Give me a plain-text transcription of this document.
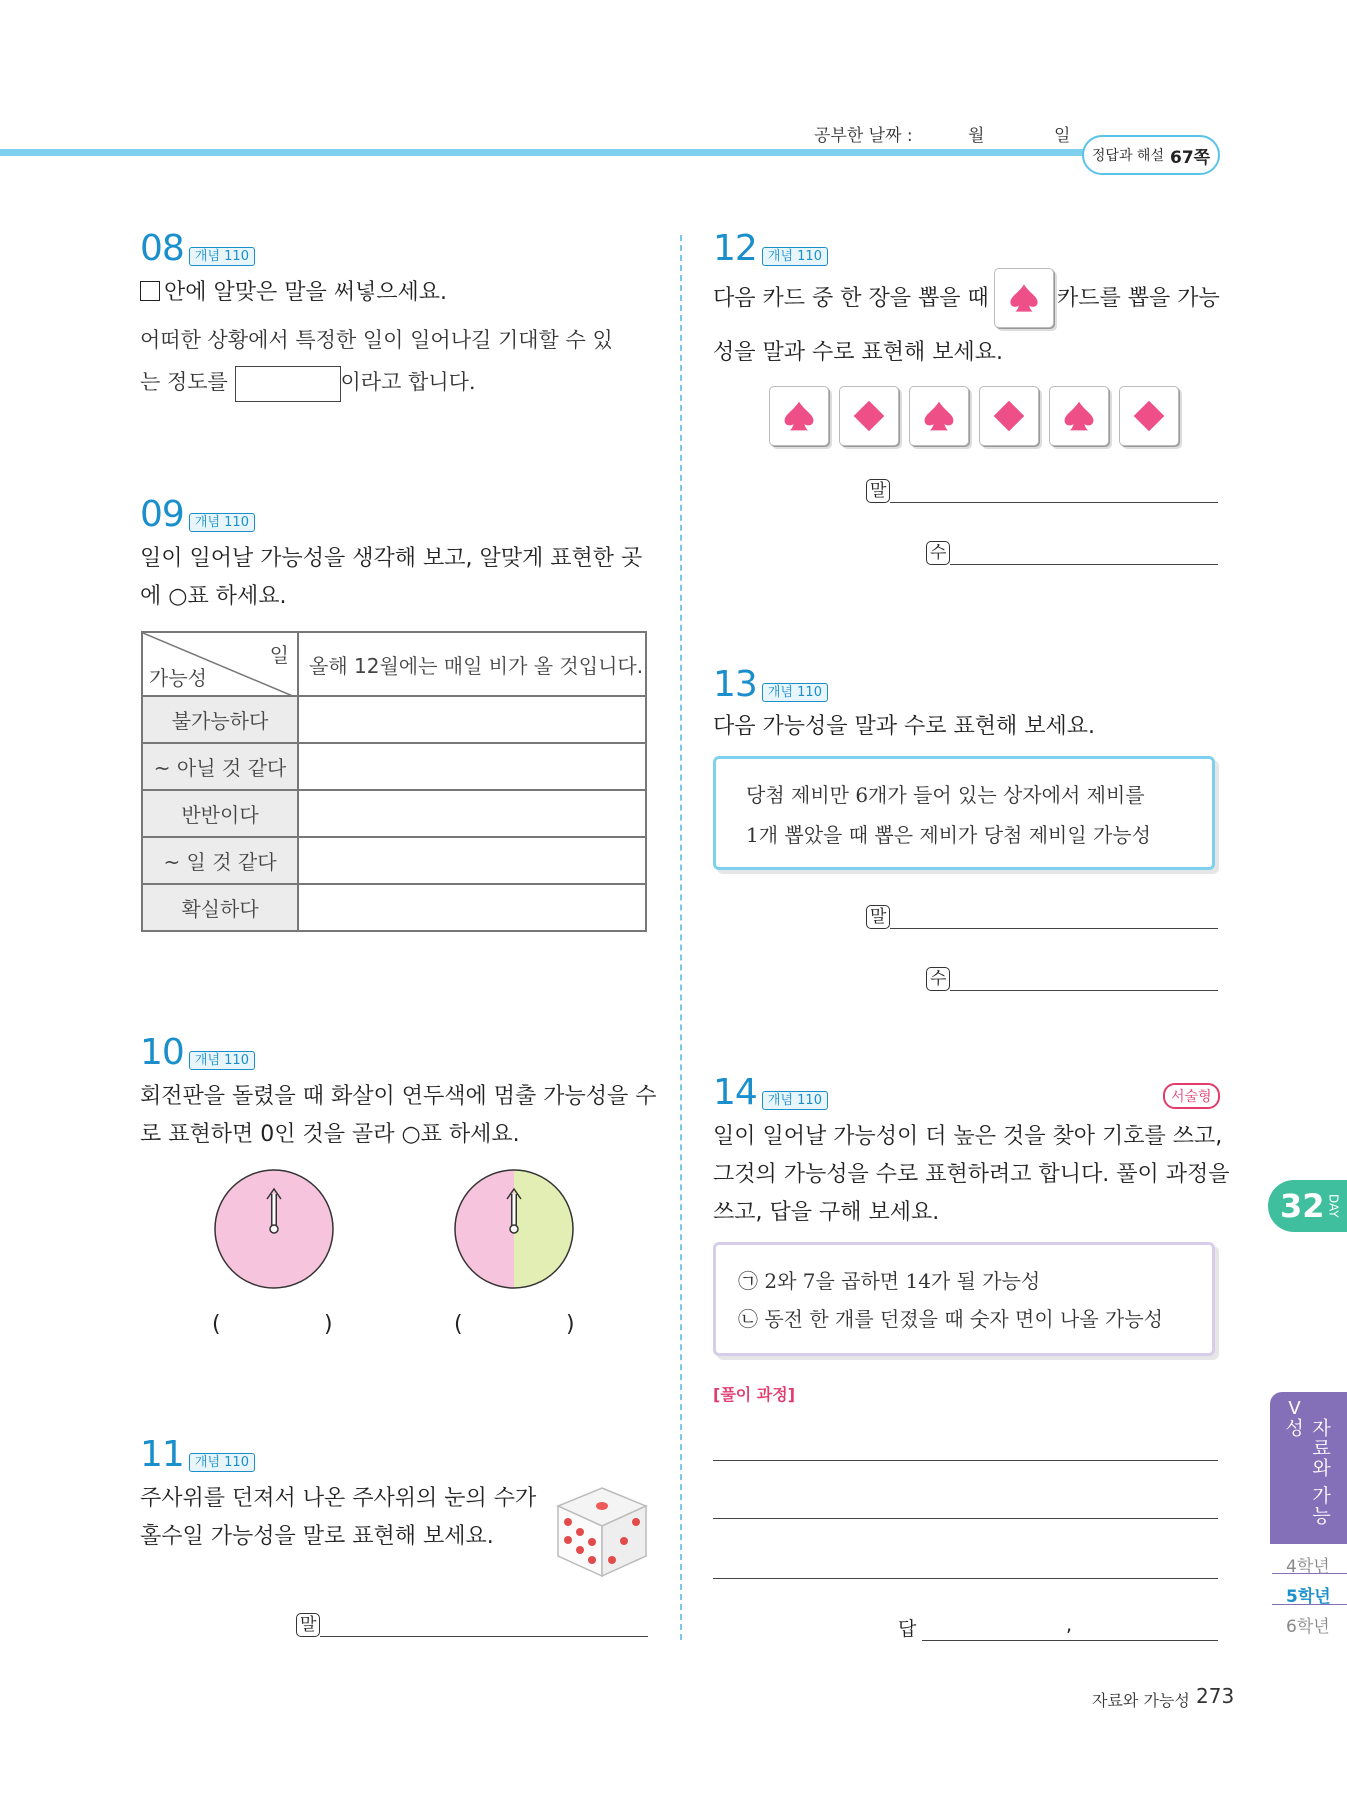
공부한 날짜 :	월	일
정답과 해설 67쪽
08 개념 110
안에 알맞은 말을 써넣으세요.
어떠한 상황에서 특정한 일이 일어나길 기대할 수 있
는 정도를	이라고 합니다.
09 개념 110
일이 일어날 가능성을 생각해 보고, 알맞게 표현한 곳
에 ○표 하세요.
일
가능성	올해 12월에는 매일 비가 올 것입니다.
불가능하다	
~ 아닐 것 같다	
반반이다	
~ 일 것 같다	
확실하다	
10 개념 110
회전판을 돌렸을 때 화살이 연두색에 멈출 가능성을 수
로 표현하면 0인 것을 골라 ○표 하세요.
(	)	(	)
11 개념 110
주사위를 던져서 나온 주사위의 눈의 수가
홀수일 가능성을 말로 표현해 보세요.
말
12 개념 110
다음 카드 중 한 장을 뽑을 때	카드를 뽑을 가능
성을 말과 수로 표현해 보세요.
말
수
13 개념 110
다음 가능성을 말과 수로 표현해 보세요.
당첨 제비만 6개가 들어 있는 상자에서 제비를
1개 뽑았을 때 뽑은 제비가 당첨 제비일 가능성
말
수
14 개념 110	서술형
일이 일어날 가능성이 더 높은 것을 찾아 기호를 쓰고,
그것의 가능성을 수로 표현하려고 합니다. 풀이 과정을
쓰고, 답을 구해 보세요.
㉠ 2와 7을 곱하면 14가 될 가능성
㉡ 동전 한 개를 던졌을 때 숫자 면이 나올 가능성
[풀이 과정]
답	,
32 DAY
V
자료와 가능성
4학년
5학년
6학년
자료와 가능성 273
